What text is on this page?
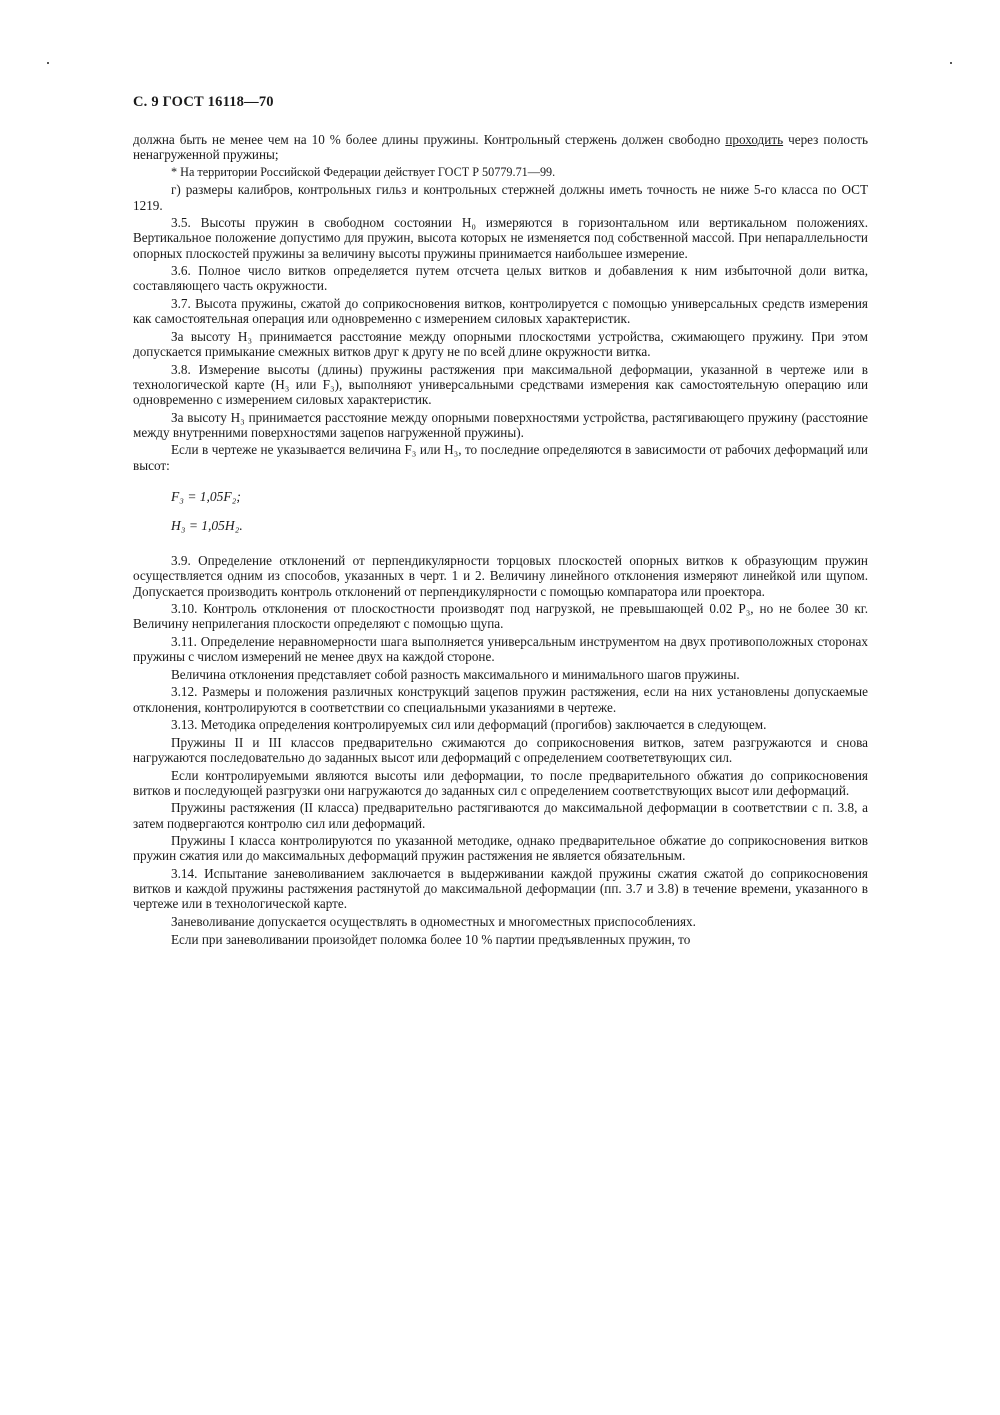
С. 9 ГОСТ 16118—70

должна быть не менее чем на 10 % более длины пружины. Контрольный стержень должен свободно проходить через полость ненагруженной пружины;

* На территории Российской Федерации действует ГОСТ Р 50779.71—99.

г) размеры калибров, контрольных гильз и контрольных стержней должны иметь точность не ниже 5-го класса по ОСТ 1219.

3.5. Высоты пружин в свободном состоянии H₀ измеряются в горизонтальном или вертикальном положениях. Вертикальное положение допустимо для пружин, высота которых не изменяется под собственной массой. При непараллельности опорных плоскостей пружины за величину высоты пружины принимается наибольшее измерение.

3.6. Полное число витков определяется путем отсчета целых витков и добавления к ним избыточной доли витка, составляющего часть окружности.

3.7. Высота пружины, сжатой до соприкосновения витков, контролируется с помощью универсальных средств измерения как самостоятельная операция или одновременно с измерением силовых характеристик.

За высоту H₃ принимается расстояние между опорными плоскостями устройства, сжимающего пружину. При этом допускается примыкание смежных витков друг к другу не по всей длине окружности витка.

3.8. Измерение высоты (длины) пружины растяжения при максимальной деформации, указанной в чертеже или в технологической карте (H₃ или F₃), выполняют универсальными средствами измерения как самостоятельную операцию или одновременно с измерением силовых характеристик.

За высоту H₃ принимается расстояние между опорными поверхностями устройства, растягивающего пружину (расстояние между внутренними поверхностями зацепов нагруженной пружины).

Если в чертеже не указывается величина F₃ или H₃, то последние определяются в зависимости от рабочих деформаций или высот:

F₃ = 1,05F₂;

H₃ = 1,05H₂.

3.9. Определение отклонений от перпендикулярности торцовых плоскостей опорных витков к образующим пружин осуществляется одним из способов, указанных в черт. 1 и 2. Величину линейного отклонения измеряют линейкой или щупом. Допускается производить контроль отклонений от перпендикулярности с помощью компаратора или проектора.

3.10. Контроль отклонения от плоскостности производят под нагрузкой, не превышающей 0.02 P₃, но не более 30 кг. Величину неприлегания плоскости определяют с помощью щупа.

3.11. Определение неравномерности шага выполняется универсальным инструментом на двух противоположных сторонах пружины с числом измерений не менее двух на каждой стороне.

Величина отклонения представляет собой разность максимального и минимального шагов пружины.

3.12. Размеры и положения различных конструкций зацепов пружин растяжения, если на них установлены допускаемые отклонения, контролируются в соответствии со специальными указаниями в чертеже.

3.13. Методика определения контролируемых сил или деформаций (прогибов) заключается в следующем.

Пружины II и III классов предварительно сжимаются до соприкосновения витков, затем разгружаются и снова нагружаются последовательно до заданных высот или деформаций с определением соответетвующих сил.

Если контролируемыми являются высоты или деформации, то после предварительного обжатия до соприкосновения витков и последующей разгрузки они нагружаются до заданных сил с определением соответствующих высот или деформаций.

Пружины растяжения (II класса) предварительно растягиваются до максимальной деформации в соответствии с п. 3.8, а затем подвергаются контролю сил или деформаций.

Пружины I класса контролируются по указанной методике, однако предварительное обжатие до соприкосновения витков пружин сжатия или до максимальных деформаций пружин растяжения не является обязательным.

3.14. Испытание заневоливанием заключается в выдерживании каждой пружины сжатия сжатой до соприкосновения витков и каждой пружины растяжения растянутой до максимальной деформации (пп. 3.7 и 3.8) в течение времени, указанного в чертеже или в технологической карте.

Заневоливание допускается осуществлять в одноместных и многоместных приспособлениях.

Если при заневоливании произойдет поломка более 10 % партии предъявленных пружин, то
